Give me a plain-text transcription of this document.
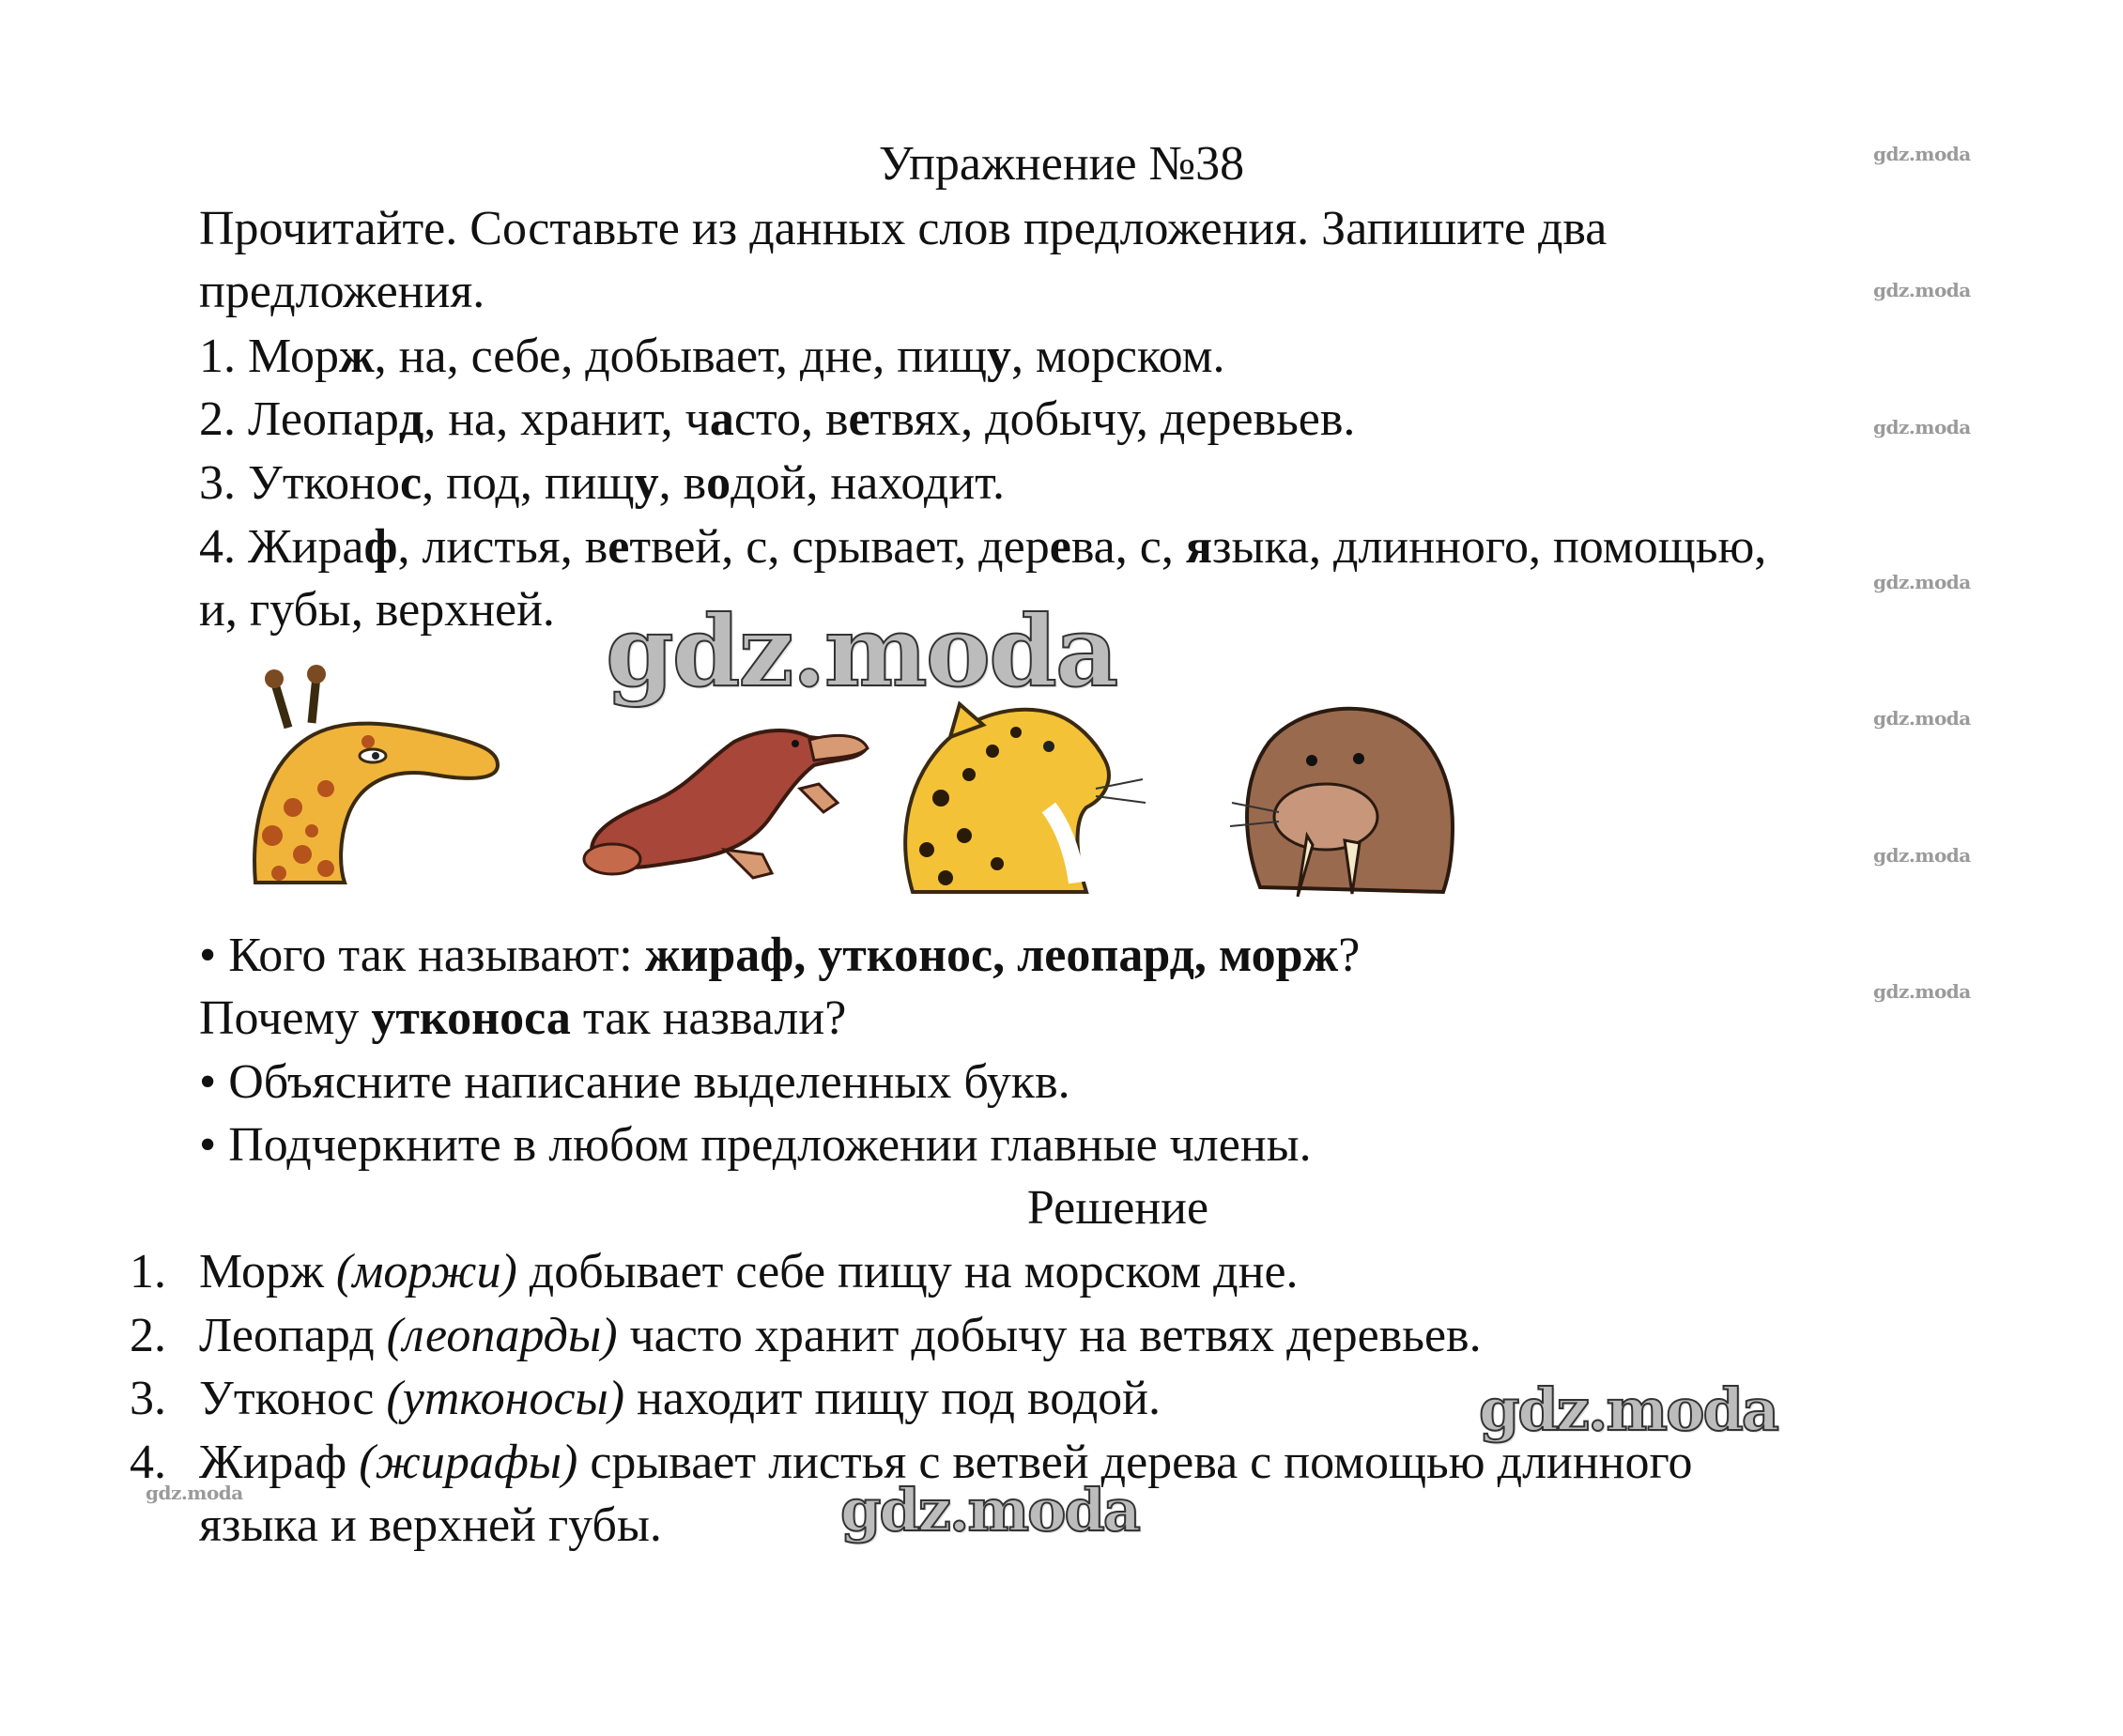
Упражнение №38
Прочитайте. Составьте из данных слов предложения. Запишите два
предложения.
1. Морж, на, себе, добывает, дне, пищу, морском.
2. Леопард, на, хранит, часто, ветвях, добычу, деревьев.
3. Утконос, под, пищу, водой, находит.
4. Жираф, листья, ветвей, с, срывает, дерева, с, языка, длинного, помощью,
и, губы, верхней.
• Кого так называют: жираф, утконос, леопард, морж?
Почему утконоса так назвали?
• Объясните написание выделенных букв.
• Подчеркните в любом предложении главные члены.
Решение
1. Морж (моржи) добывает себе пищу на морском дне.
2. Леопард (леопарды) часто хранит добычу на ветвях деревьев.
3. Утконос (утконосы) находит пищу под водой.
4. Жираф (жирафы) срывает листья с ветвей дерева с помощью длинного
языка и верхней губы.
gdz.moda
gdz.moda
gdz.moda
gdz.moda
gdz.moda
gdz.moda
gdz.moda
gdz.moda
gdz.moda
gdz.moda
gdz.moda
